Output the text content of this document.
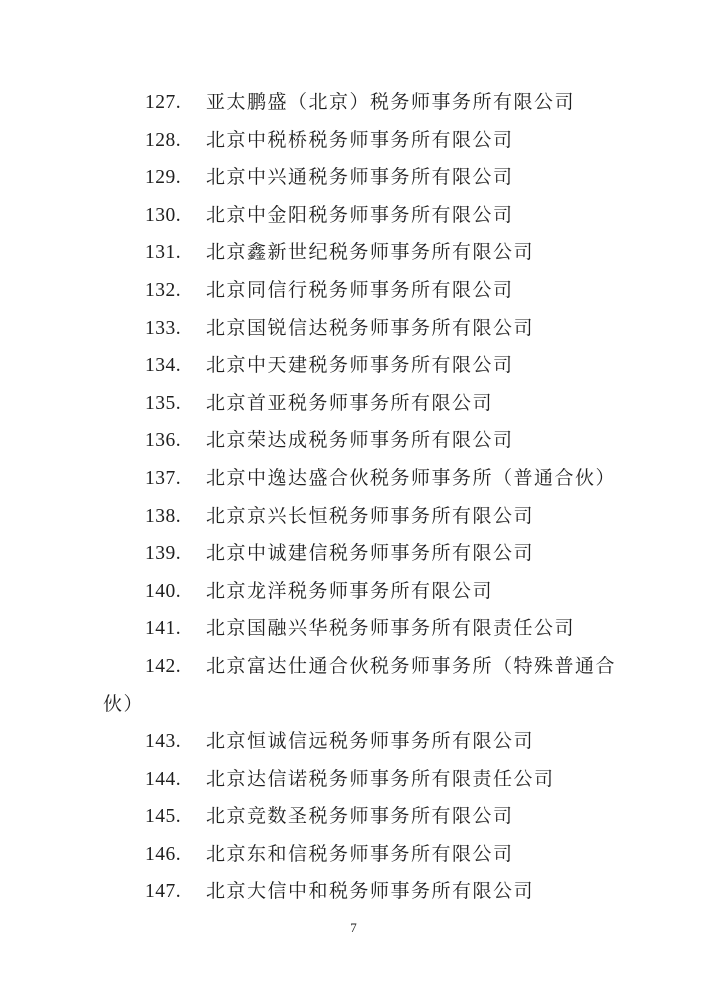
127. 亚太鹏盛（北京）税务师事务所有限公司
128. 北京中税桥税务师事务所有限公司
129. 北京中兴通税务师事务所有限公司
130. 北京中金阳税务师事务所有限公司
131. 北京鑫新世纪税务师事务所有限公司
132. 北京同信行税务师事务所有限公司
133. 北京国锐信达税务师事务所有限公司
134. 北京中天建税务师事务所有限公司
135. 北京首亚税务师事务所有限公司
136. 北京荣达成税务师事务所有限公司
137. 北京中逸达盛合伙税务师事务所（普通合伙）
138. 北京京兴长恒税务师事务所有限公司
139. 北京中诚建信税务师事务所有限公司
140. 北京龙洋税务师事务所有限公司
141. 北京国融兴华税务师事务所有限责任公司
142. 北京富达仕通合伙税务师事务所（特殊普通合
伙）
143. 北京恒诚信远税务师事务所有限公司
144. 北京达信诺税务师事务所有限责任公司
145. 北京竞数圣税务师事务所有限公司
146. 北京东和信税务师事务所有限公司
147. 北京大信中和税务师事务所有限公司
7
